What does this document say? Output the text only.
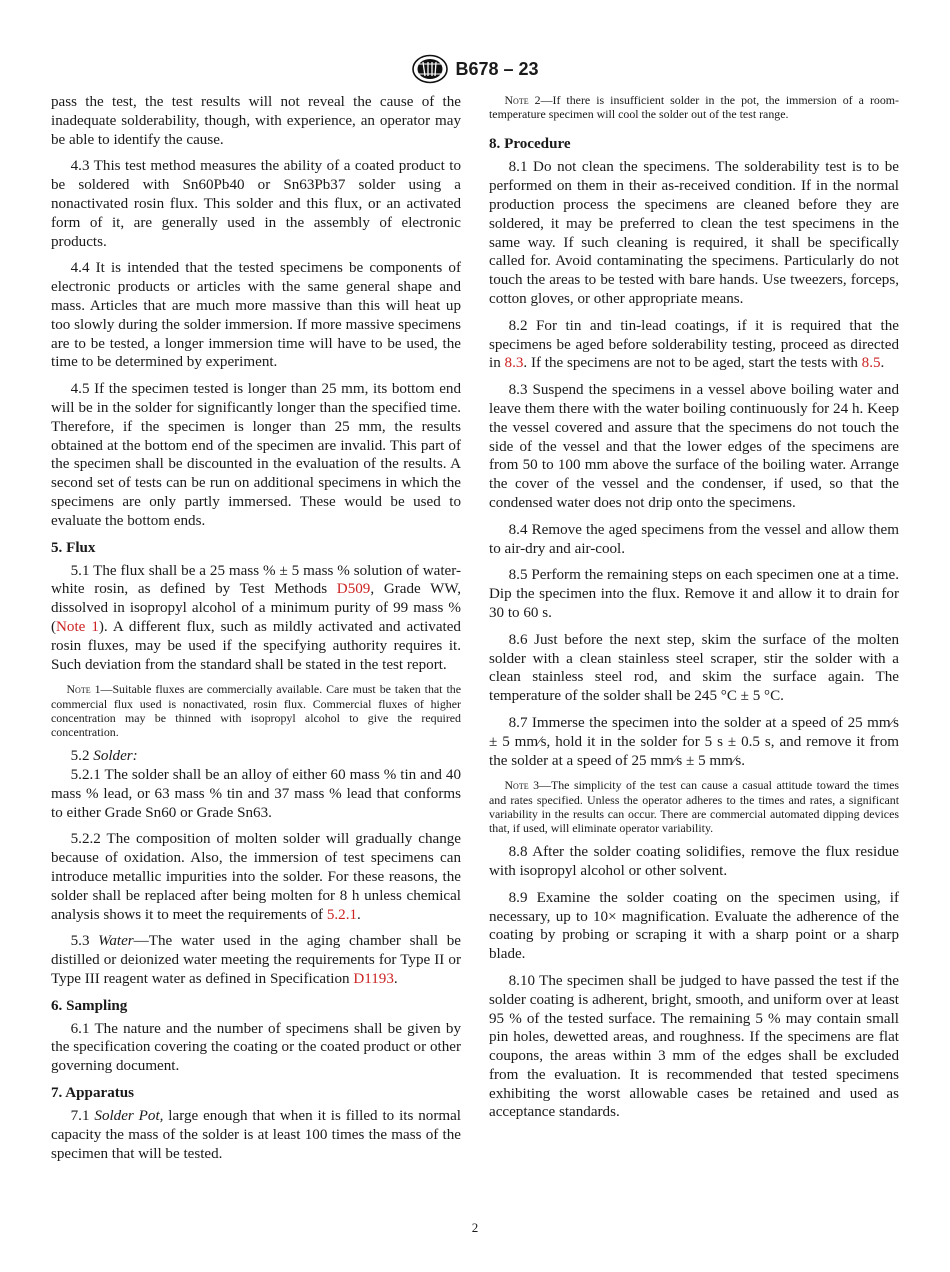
B678 – 23

pass the test, the test results will not reveal the cause of the inadequate solderability, though, with experience, an operator may be able to identify the cause.

4.3 This test method measures the ability of a coated product to be soldered with Sn60Pb40 or Sn63Pb37 solder using a nonactivated rosin flux. This solder and this flux, or an activated form of it, are generally used in the assembly of electronic products.

4.4 It is intended that the tested specimens be components of electronic products or articles with the same general shape and mass. Articles that are much more massive than this will heat up too slowly during the solder immersion. If more massive specimens are to be tested, a longer immersion time will have to be used, the time to be determined by experiment.

4.5 If the specimen tested is longer than 25 mm, its bottom end will be in the solder for significantly longer than the specified time. Therefore, if the specimen is longer than 25 mm, the results obtained at the bottom end of the specimen are invalid. This part of the specimen shall be discounted in the evaluation of the results. A second set of tests can be run on additional specimens in which the specimens are only partly immersed. These would be used to evaluate the bottom ends.

5. Flux

5.1 The flux shall be a 25 mass % ± 5 mass % solution of water-white rosin, as defined by Test Methods D509, Grade WW, dissolved in isopropyl alcohol of a minimum purity of 99 mass % (Note 1). A different flux, such as mildly activated and activated rosin fluxes, may be used if the specifying authority requires it. Such deviation from the standard shall be stated in the test report.

Note 1—Suitable fluxes are commercially available. Care must be taken that the commercial flux used is nonactivated, rosin flux. Commercial fluxes of higher concentration may be thinned with isopropyl alcohol to give the required concentration.

5.2 Solder:

5.2.1 The solder shall be an alloy of either 60 mass % tin and 40 mass % lead, or 63 mass % tin and 37 mass % lead that conforms to either Grade Sn60 or Grade Sn63.

5.2.2 The composition of molten solder will gradually change because of oxidation. Also, the immersion of test specimens can introduce metallic impurities into the solder. For these reasons, the solder shall be replaced after being molten for 8 h unless chemical analysis shows it to meet the requirements of 5.2.1.

5.3 Water—The water used in the aging chamber shall be distilled or deionized water meeting the requirements for Type II or Type III reagent water as defined in Specification D1193.

6. Sampling

6.1 The nature and the number of specimens shall be given by the specification covering the coating or the coated product or other governing document.

7. Apparatus

7.1 Solder Pot, large enough that when it is filled to its normal capacity the mass of the solder is at least 100 times the mass of the specimen that will be tested.

Note 2—If there is insufficient solder in the pot, the immersion of a room-temperature specimen will cool the solder out of the test range.
8. Procedure

8.1 Do not clean the specimens. The solderability test is to be performed on them in their as-received condition. If in the normal production process the specimens are cleaned before they are soldered, it may be preferred to clean the test specimens in the same way. If such cleaning is required, it shall be specifically called for. Avoid contaminating the specimens. Particularly do not touch the areas to be tested with bare hands. Use tweezers, forceps, cotton gloves, or other appropriate means.

8.2 For tin and tin-lead coatings, if it is required that the specimens be aged before solderability testing, proceed as directed in 8.3. If the specimens are not to be aged, start the tests with 8.5.

8.3 Suspend the specimens in a vessel above boiling water and leave them there with the water boiling continuously for 24 h. Keep the vessel covered and assure that the specimens do not touch the side of the vessel and that the lower edges of the specimens are from 50 to 100 mm above the surface of the boiling water. Arrange the cover of the vessel and the condenser, if used, so that the condensed water does not drip onto the specimens.

8.4 Remove the aged specimens from the vessel and allow them to air-dry and air-cool.

8.5 Perform the remaining steps on each specimen one at a time. Dip the specimen into the flux. Remove it and allow it to drain for 30 to 60 s.

8.6 Just before the next step, skim the surface of the molten solder with a clean stainless steel scraper, stir the solder with a clean stainless steel rod, and skim the surface again. The temperature of the solder shall be 245 °C ± 5 °C.

8.7 Immerse the specimen into the solder at a speed of 25 mm⁄s ± 5 mm⁄s, hold it in the solder for 5 s ± 0.5 s, and remove it from the solder at a speed of 25 mm⁄s ± 5 mm⁄s.

Note 3—The simplicity of the test can cause a casual attitude toward the times and rates specified. Unless the operator adheres to the times and rates, a significant variability in the results can occur. There are commercial automated dipping devices that, if used, will eliminate operator variability.

8.8 After the solder coating solidifies, remove the flux residue with isopropyl alcohol or other solvent.

8.9 Examine the solder coating on the specimen using, if necessary, up to 10× magnification. Evaluate the adherence of the coating by probing or scraping it with a sharp point or a sharp blade.

8.10 The specimen shall be judged to have passed the test if the solder coating is adherent, bright, smooth, and uniform over at least 95 % of the tested surface. The remaining 5 % may contain small pin holes, dewetted areas, and roughness. If the specimens are flat coupons, the areas within 3 mm of the edges shall be excluded from the evaluation. It is recommended that tested specimens exhibiting the worst allowable cases be retained and used as acceptance standards.

2
